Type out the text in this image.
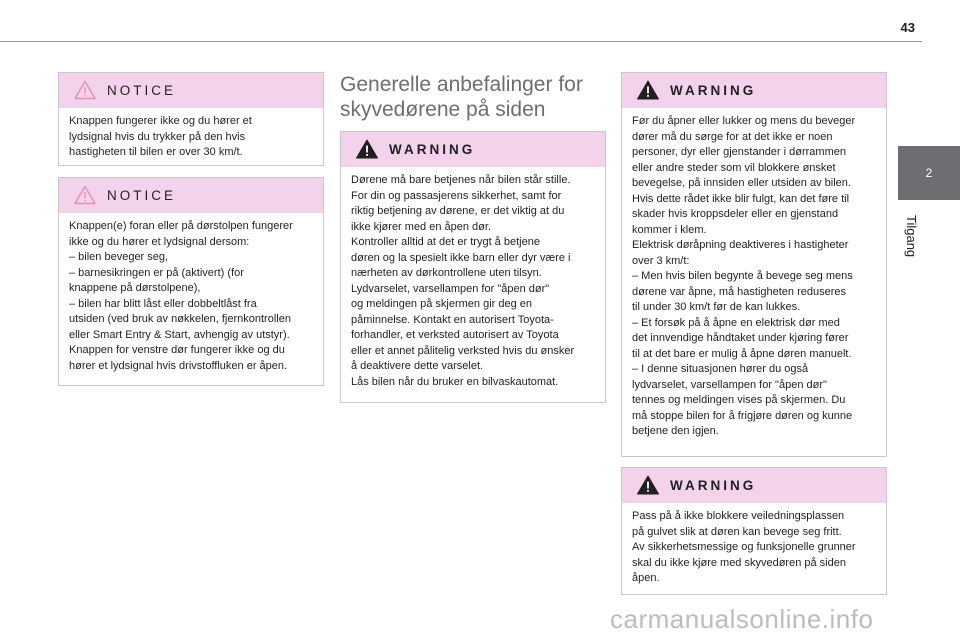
43
2
Tilgang
NOTICE
Knappen fungerer ikke og du hører et
lydsignal hvis du trykker på den hvis
hastigheten til bilen er over 30 km/t.
NOTICE
Knappen(e) foran eller på dørstolpen fungerer
ikke og du hører et lydsignal dersom:
– bilen beveger seg,
– barnesikringen er på (aktivert) (for
knappene på dørstolpene),
– bilen har blitt låst eller dobbeltlåst fra
utsiden (ved bruk av nøkkelen, fjernkontrollen
eller Smart Entry & Start, avhengig av utstyr).
Knappen for venstre dør fungerer ikke og du
hører et lydsignal hvis drivstoffluken er åpen.
Generelle anbefalinger for
skyvedørene på siden
WARNING
Dørene må bare betjenes når bilen står stille.
For din og passasjerens sikkerhet, samt for
riktig betjening av dørene, er det viktig at du
ikke kjører med en åpen dør.
Kontroller alltid at det er trygt å betjene
døren og la spesielt ikke barn eller dyr være i
nærheten av dørkontrollene uten tilsyn.
Lydvarselet, varsellampen for "åpen dør"
og meldingen på skjermen gir deg en
påminnelse. Kontakt en autorisert Toyota-
forhandler, et verksted autorisert av Toyota
eller et annet pålitelig verksted hvis du ønsker
å deaktivere dette varselet.
Lås bilen når du bruker en bilvaskautomat.
WARNING
Før du åpner eller lukker og mens du beveger
dører må du sørge for at det ikke er noen
personer, dyr eller gjenstander i dørrammen
eller andre steder som vil blokkere ønsket
bevegelse, på innsiden eller utsiden av bilen.
Hvis dette rådet ikke blir fulgt, kan det føre til
skader hvis kroppsdeler eller en gjenstand
kommer i klem.
Elektrisk døråpning deaktiveres i hastigheter
over 3 km/t:
– Men hvis bilen begynte å bevege seg mens
dørene var åpne, må hastigheten reduseres
til under 30 km/t før de kan lukkes.
– Et forsøk på å åpne en elektrisk dør med
det innvendige håndtaket under kjøring fører
til at det bare er mulig å åpne døren manuelt.
– I denne situasjonen hører du også
lydvarselet, varsellampen for "åpen dør"
tennes og meldingen vises på skjermen. Du
må stoppe bilen for å frigjøre døren og kunne
betjene den igjen.
WARNING
Pass på å ikke blokkere veiledningsplassen
på gulvet slik at døren kan bevege seg fritt.
Av sikkerhetsmessige og funksjonelle grunner
skal du ikke kjøre med skyvedøren på siden
åpen.
carmanualsonline.info
